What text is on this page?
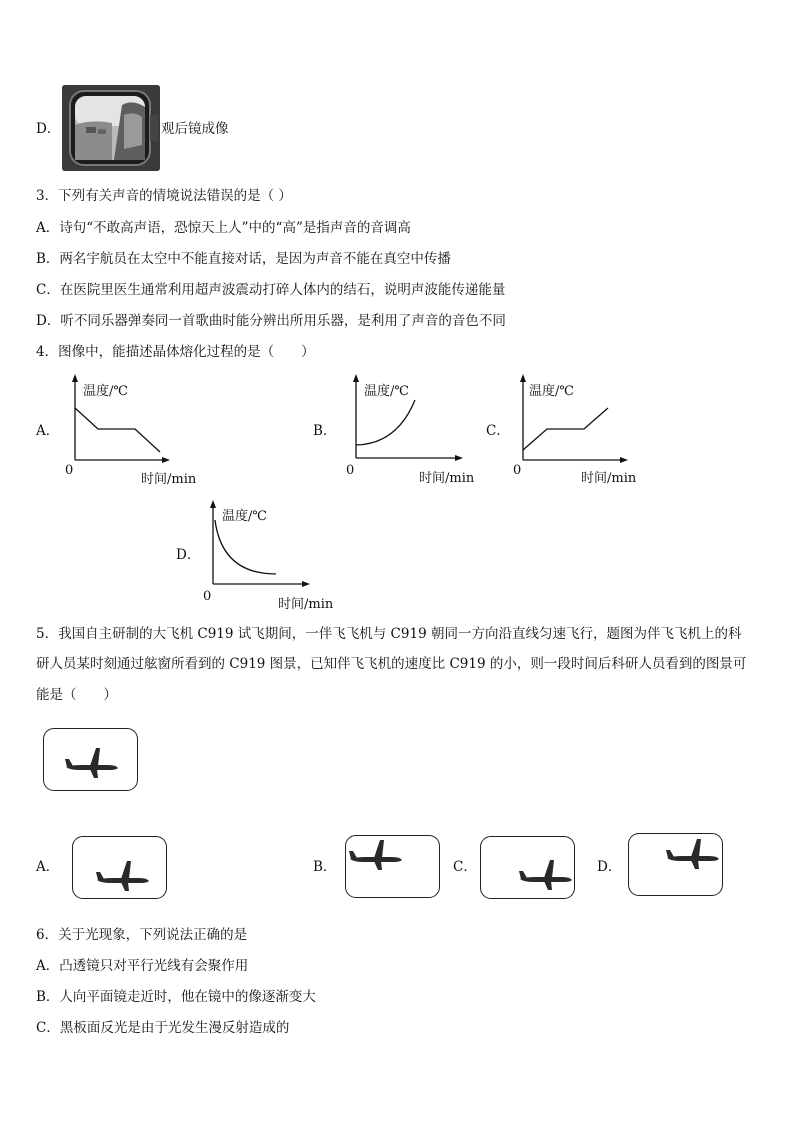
D．	观后镜成像
3．下列有关声音的情境说法错误的是（ ）
A．诗句“不敢高声语，恐惊天上人”中的“高”是指声音的音调高
B．两名宇航员在太空中不能直接对话，是因为声音不能在真空中传播
C．在医院里医生通常利用超声波震动打碎人体内的结石，说明声波能传递能量
D．听不同乐器弹奏同一首歌曲时能分辨出所用乐器，是利用了声音的音色不同
4．图像中，能描述晶体熔化过程的是（　　）
A．
温度/℃
0
时间/min
B．
温度/℃
0
时间/min
C．
温度/℃
0
时间/min
D．
温度/℃
0
时间/min
5．我国自主研制的大飞机 C919 试飞期间，一伴飞飞机与 C919 朝同一方向沿直线匀速飞行，题图为伴飞飞机上的科
研人员某时刻通过舷窗所看到的 C919 图景，已知伴飞飞机的速度比 C919 的小，则一段时间后科研人员看到的图景可
能是（　　）
A．	B．	C．	D．
6．关于光现象，下列说法正确的是
A．凸透镜只对平行光线有会聚作用
B．人向平面镜走近时，他在镜中的像逐渐变大
C．黑板面反光是由于光发生漫反射造成的
